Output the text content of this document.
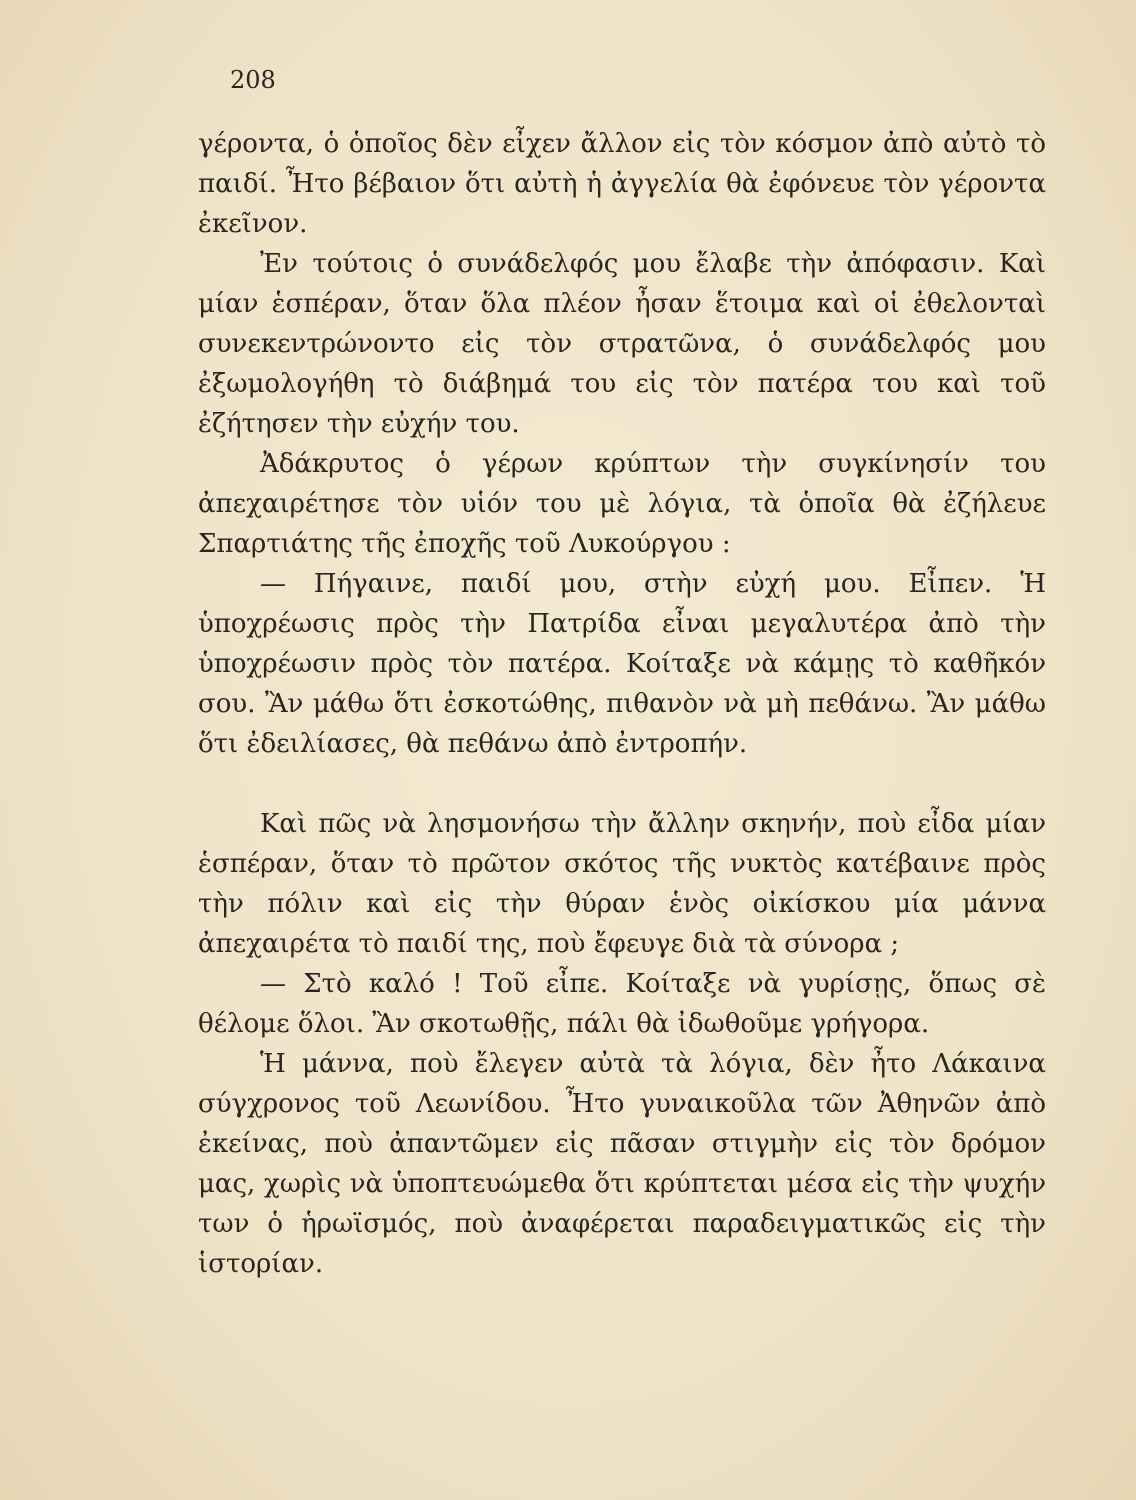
208

γέροντα, ὁ ὁποῖος δὲν εἶχεν ἄλλον εἰς τὸν κόσμον ἀπὸ αὐτὸ τὸ παιδί. Ἦτο βέβαιον ὅτι αὐτὴ ἡ ἀγγελία θὰ ἐφόνευε τὸν γέροντα ἐκεῖνον.

Ἐν τούτοις ὁ συνάδελφός μου ἔλαβε τὴν ἀπόφασιν. Καὶ μίαν ἑσπέραν, ὅταν ὅλα πλέον ἦσαν ἕτοιμα καὶ οἱ ἐθελονταὶ συνεκεντρώνοντο εἰς τὸν στρατῶνα, ὁ συνάδελφός μου ἐξωμολογήθη τὸ διάβημά του εἰς τὸν πατέρα του καὶ τοῦ ἐζήτησεν τὴν εὐχήν του.

Ἀδάκρυτος ὁ γέρων κρύπτων τὴν συγκίνησίν του ἀπεχαιρέτησε τὸν υἱόν του μὲ λόγια, τὰ ὁποῖα θὰ ἐζήλευε Σπαρτιάτης τῆς ἐποχῆς τοῦ Λυκούργου :

— Πήγαινε, παιδί μου, στὴν εὐχή μου. Εἶπεν. Ἡ ὑποχρέωσις πρὸς τὴν Πατρίδα εἶναι μεγαλυτέρα ἀπὸ τὴν ὑποχρέωσιν πρὸς τὸν πατέρα. Κοίταξε νὰ κάμῃς τὸ καθῆκόν σου. Ἂν μάθω ὅτι ἐσκοτώθης, πιθανὸν νὰ μὴ πεθάνω. Ἂν μάθω ὅτι ἐδειλίασες, θὰ πεθάνω ἀπὸ ἐντροπήν.

Καὶ πῶς νὰ λησμονήσω τὴν ἄλλην σκηνήν, ποὺ εἶδα μίαν ἑσπέραν, ὅταν τὸ πρῶτον σκότος τῆς νυκτὸς κατέβαινε πρὸς τὴν πόλιν καὶ εἰς τὴν θύραν ἑνὸς οἰκίσκου μία μάννα ἀπεχαιρέτα τὸ παιδί της, ποὺ ἔφευγε διὰ τὰ σύνορα ;

— Στὸ καλό ! Τοῦ εἶπε. Κοίταξε νὰ γυρίσῃς, ὅπως σὲ θέλομε ὅλοι. Ἂν σκοτωθῇς, πάλι θὰ ἰδωθοῦμε γρήγορα.

Ἡ μάννα, ποὺ ἔλεγεν αὐτὰ τὰ λόγια, δὲν ἦτο Λάκαινα σύγχρονος τοῦ Λεωνίδου. Ἦτο γυναικοῦλα τῶν Ἀθηνῶν ἀπὸ ἐκείνας, ποὺ ἀπαντῶμεν εἰς πᾶσαν στιγμὴν εἰς τὸν δρόμον μας, χωρὶς νὰ ὑποπτευώμεθα ὅτι κρύπτεται μέσα εἰς τὴν ψυχήν των ὁ ἡρωϊσμός, ποὺ ἀναφέρεται παραδειγματικῶς εἰς τὴν ἱστορίαν.
